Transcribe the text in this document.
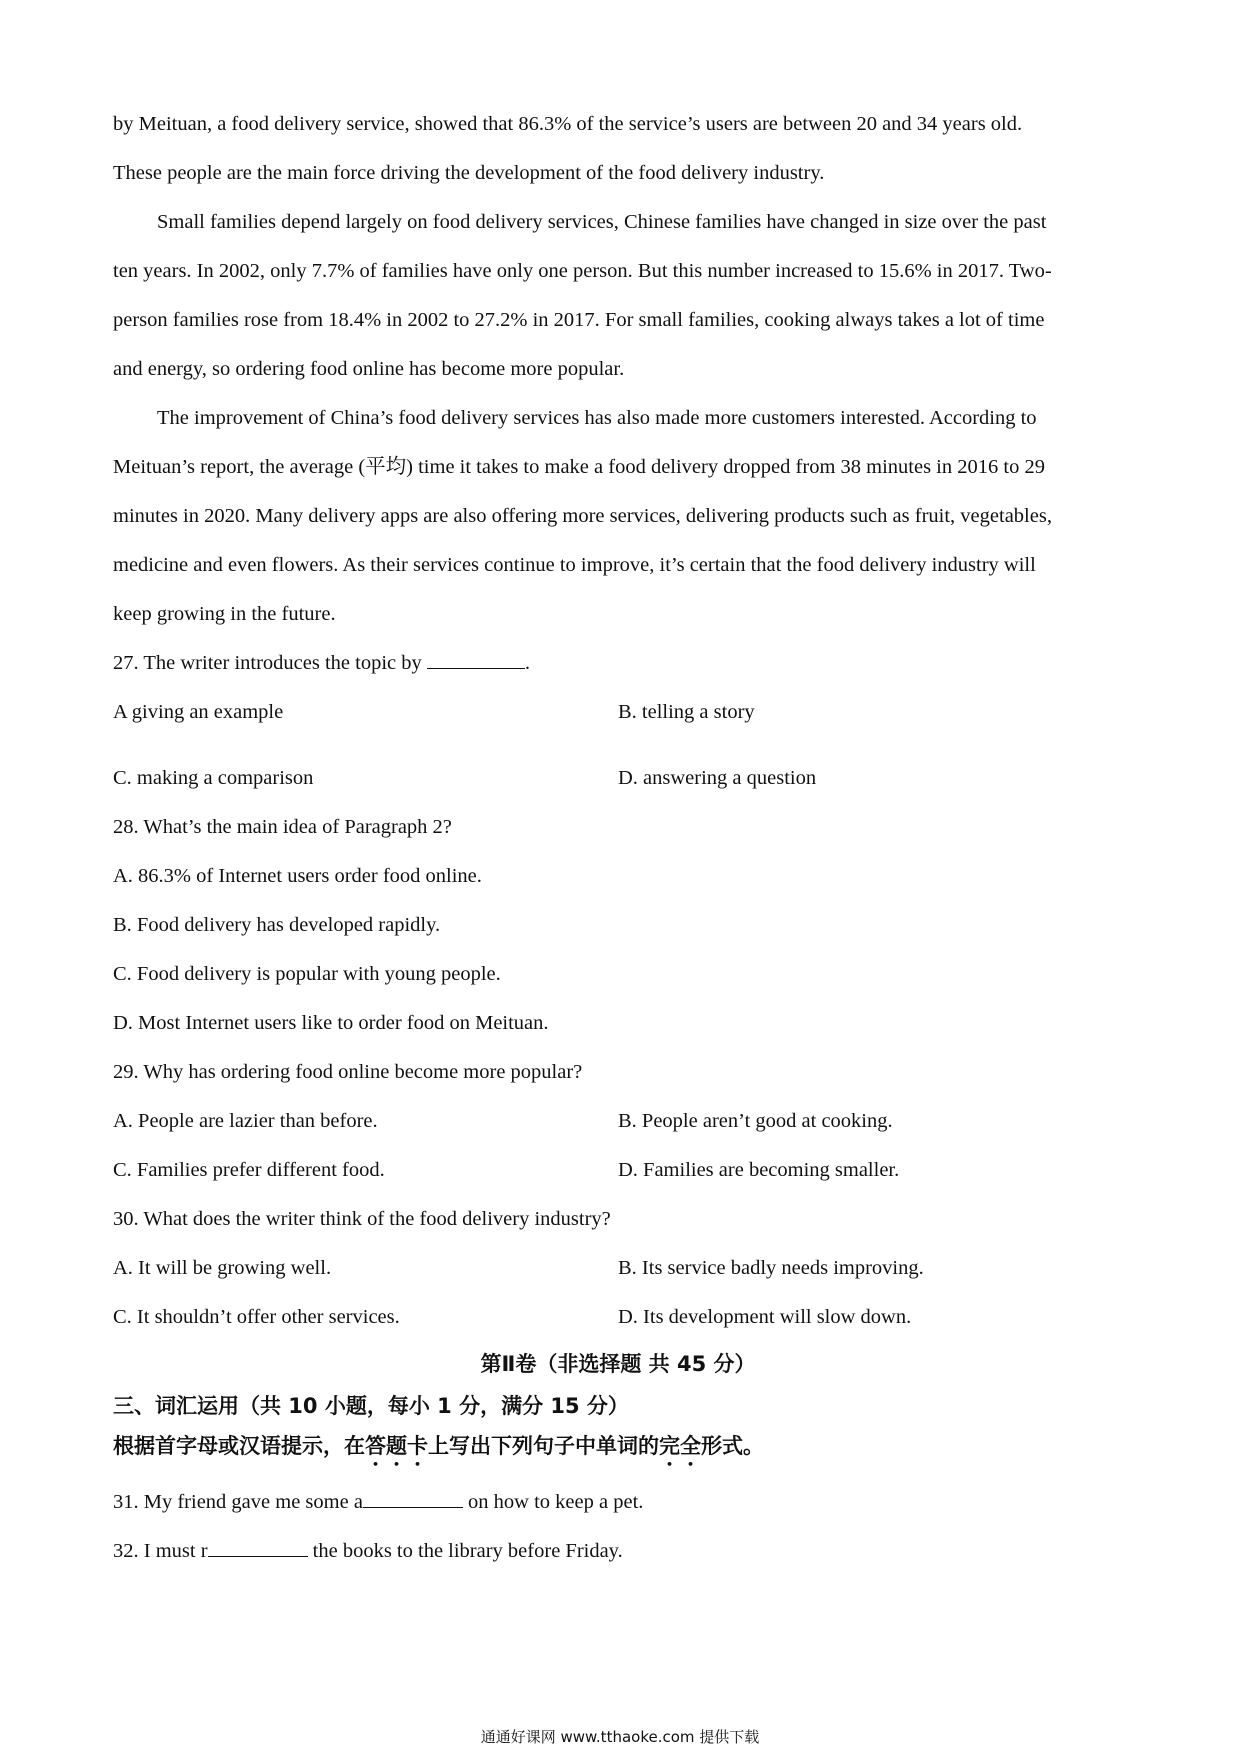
by Meituan, a food delivery service, showed that 86.3% of the service’s users are between 20 and 34 years old.
These people are the main force driving the development of the food delivery industry.
Small families depend largely on food delivery services, Chinese families have changed in size over the past
ten years. In 2002, only 7.7% of families have only one person. But this number increased to 15.6% in 2017. Two-
person families rose from 18.4% in 2002 to 27.2% in 2017. For small families, cooking always takes a lot of time
and energy, so ordering food online has become more popular.
The improvement of China’s food delivery services has also made more customers interested. According to
Meituan’s report, the average (平均) time it takes to make a food delivery dropped from 38 minutes in 2016 to 29
minutes in 2020. Many delivery apps are also offering more services, delivering products such as fruit, vegetables,
medicine and even flowers. As their services continue to improve, it’s certain that the food delivery industry will
keep growing in the future.
27. The writer introduces the topic by	.
A giving an example	B. telling a story
C. making a comparison	D. answering a question
28. What’s the main idea of Paragraph 2?
A. 86.3% of Internet users order food online.
B. Food delivery has developed rapidly.
C. Food delivery is popular with young people.
D. Most Internet users like to order food on Meituan.
29. Why has ordering food online become more popular?
A. People are lazier than before.	B. People aren’t good at cooking.
C. Families prefer different food.	D. Families are becoming smaller.
30. What does the writer think of the food delivery industry?
A. It will be growing well.	B. Its service badly needs improving.
C. It shouldn’t offer other services.	D. Its development will slow down.
第Ⅱ卷（非选择题 共 45 分）
三、词汇运用（共 10 小题，每小 1 分，满分 15 分）
根据首字母或汉语提示，在答题卡上写出下列句子中单词的完全形式。
31. My friend gave me some a	on how to keep a pet.
32. I must r	the books to the library before Friday.
通通好课网 www.tthaoke.com 提供下载
